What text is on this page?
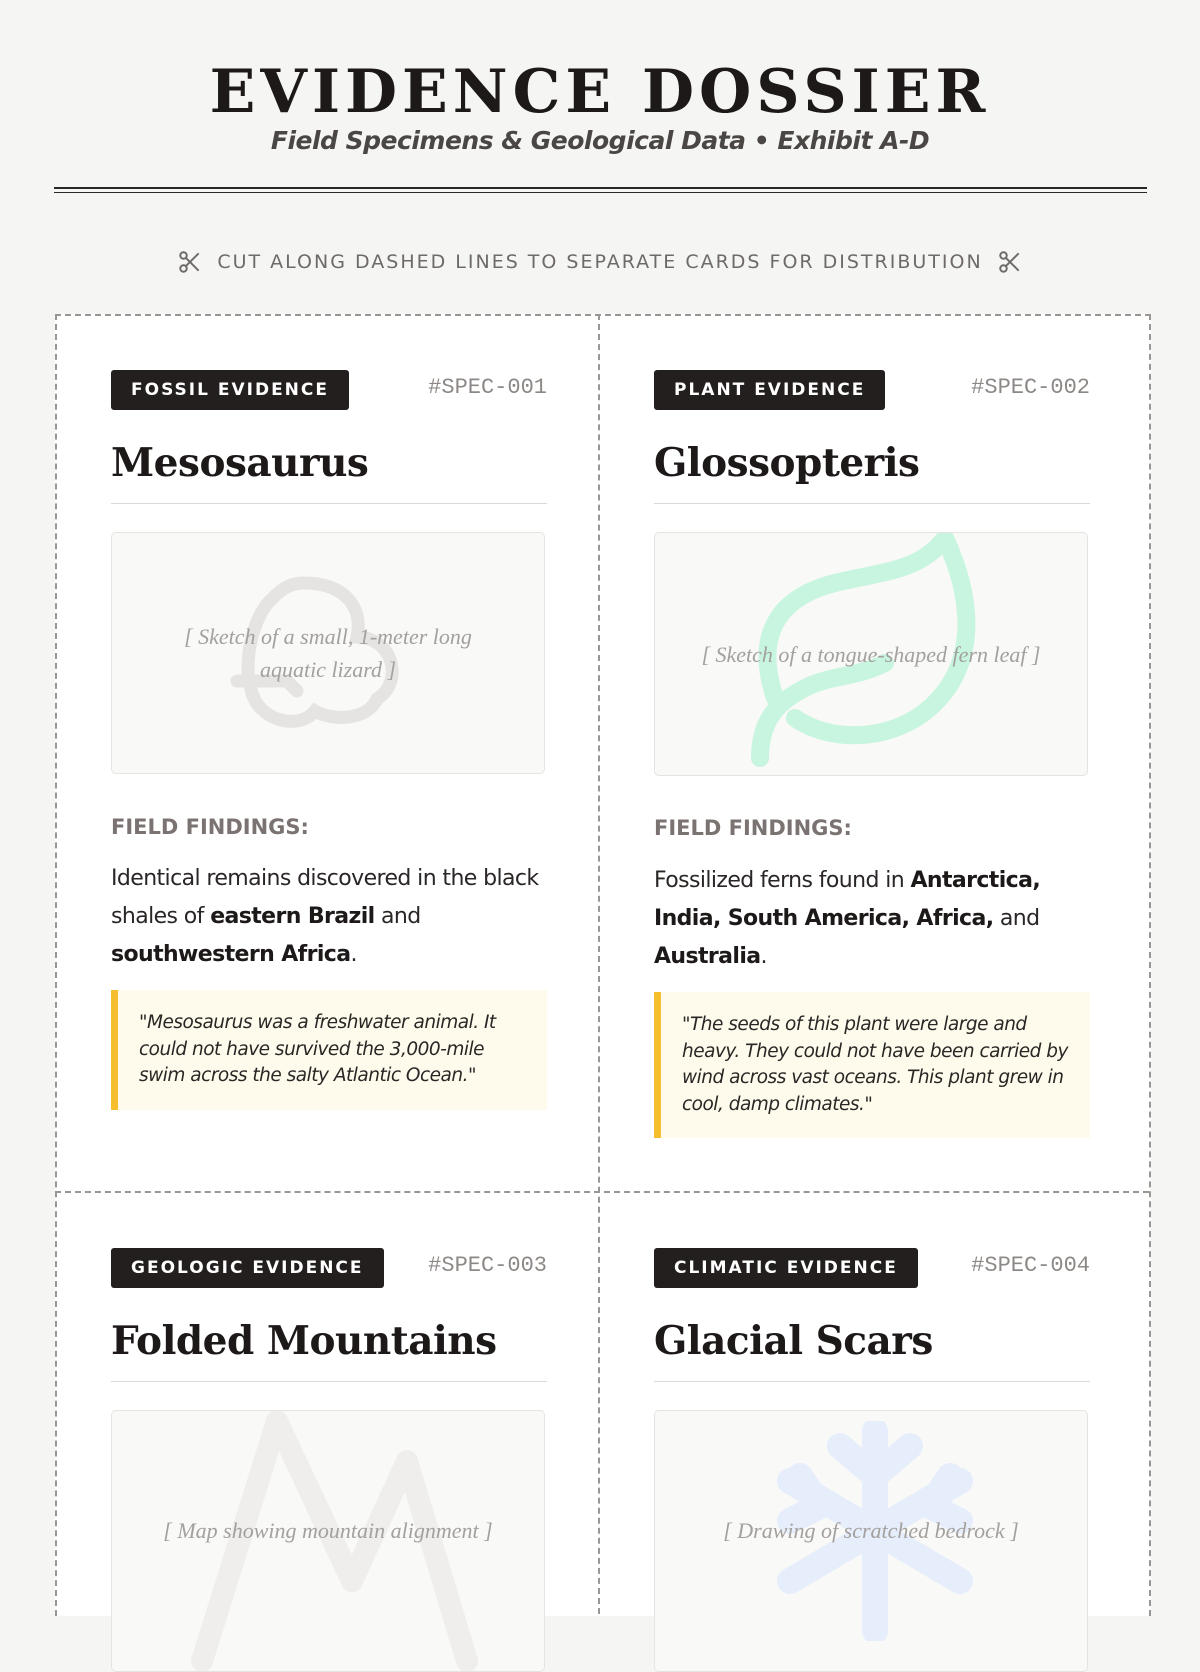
EVIDENCE DOSSIER
Field Specimens & Geological Data • Exhibit A-D
CUT ALONG DASHED LINES TO SEPARATE CARDS FOR DISTRIBUTION
FOSSIL EVIDENCE	#SPEC-001
Mesosaurus
[ Sketch of a small, 1-meter long aquatic lizard ]
FIELD FINDINGS:
Identical remains discovered in the black shales of eastern Brazil and southwestern Africa.
"Mesosaurus was a freshwater animal. It could not have survived the 3,000-mile swim across the salty Atlantic Ocean."
PLANT EVIDENCE	#SPEC-002
Glossopteris
[ Sketch of a tongue-shaped fern leaf ]
FIELD FINDINGS:
Fossilized ferns found in Antarctica, India, South America, Africa, and Australia.
"The seeds of this plant were large and heavy. They could not have been carried by wind across vast oceans. This plant grew in cool, damp climates."
GEOLOGIC EVIDENCE	#SPEC-003
Folded Mountains
[ Map showing mountain alignment ]
CLIMATIC EVIDENCE	#SPEC-004
Glacial Scars
[ Drawing of scratched bedrock ]
